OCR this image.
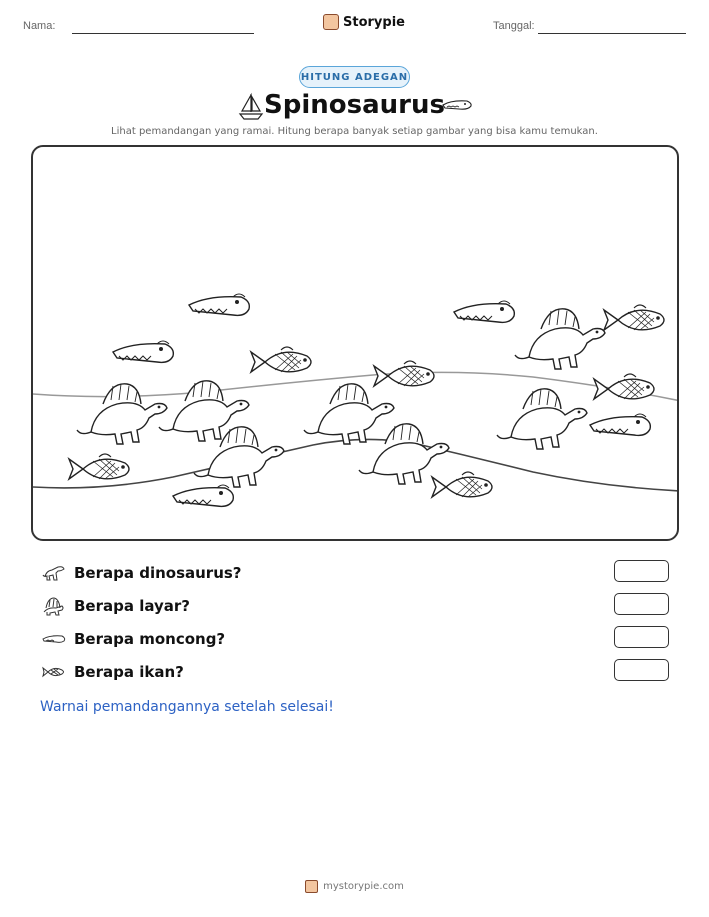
Nama:	Storypie	Tanggal:
HITUNG ADEGAN
Spinosaurus
Lihat pemandangan yang ramai. Hitung berapa banyak setiap gambar yang bisa kamu temukan.
Berapa dinosaurus?
Berapa layar?
Berapa moncong?
Berapa ikan?
Warnai pemandangannya setelah selesai!
mystorypie.com
